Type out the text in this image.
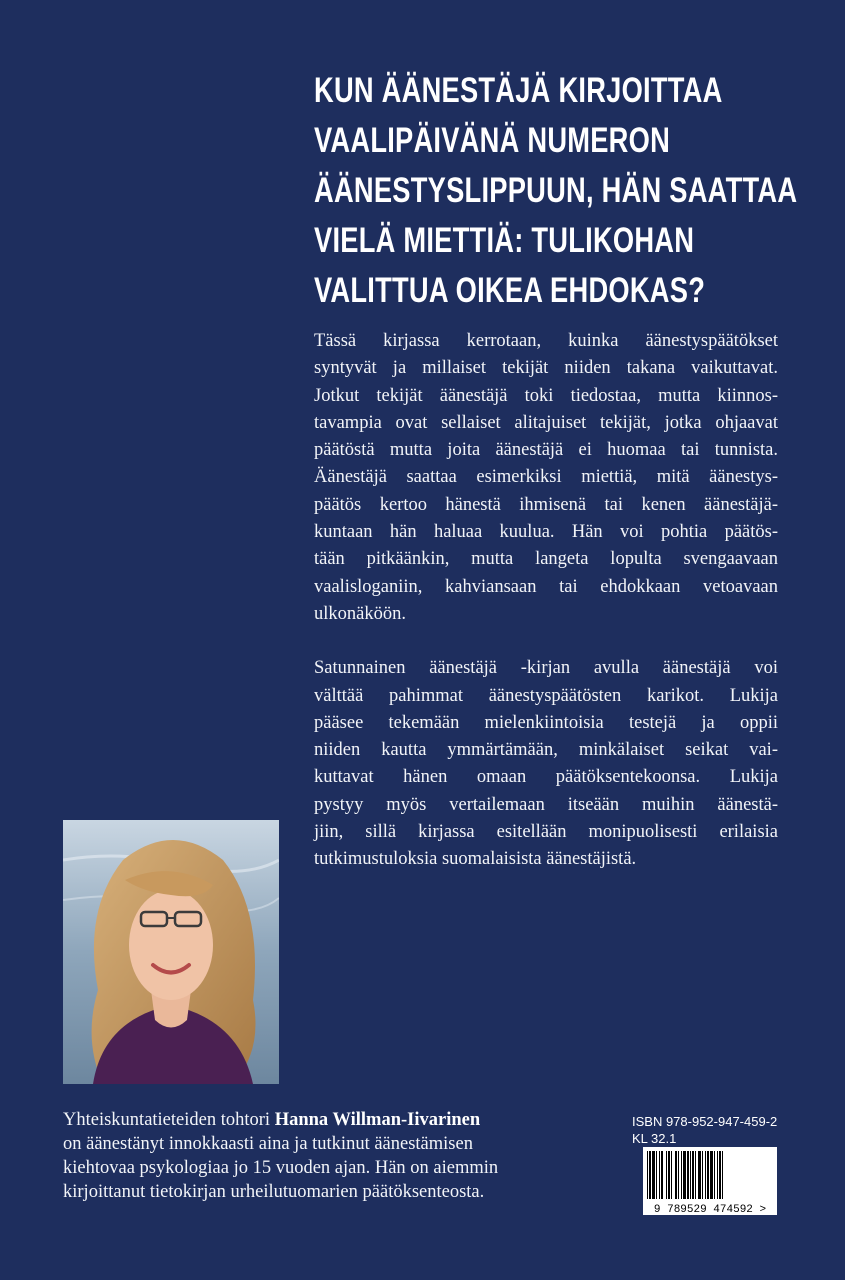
KUN ÄÄNESTÄJÄ KIRJOITTAA
VAALIPÄIVÄNÄ NUMERON
ÄÄNESTYSLIPPUUN, HÄN SAATTAA
VIELÄ MIETTIÄ: TULIKOHAN
VALITTUA OIKEA EHDOKAS?

Tässä kirjassa kerrotaan, kuinka äänestyspäätökset
syntyvät ja millaiset tekijät niiden takana vaikuttavat.
Jotkut tekijät äänestäjä toki tiedostaa, mutta kiinnos-
tavampia ovat sellaiset alitajuiset tekijät, jotka ohjaavat
päätöstä mutta joita äänestäjä ei huomaa tai tunnista.
Äänestäjä saattaa esimerkiksi miettiä, mitä äänestys-
päätös kertoo hänestä ihmisenä tai kenen äänestäjä-
kuntaan hän haluaa kuulua. Hän voi pohtia päätös-
tään pitkäänkin, mutta langeta lopulta svengaavaan
vaalisloganiin, kahviansaan tai ehdokkaan vetoavaan
ulkonäköön.

Satunnainen äänestäjä -kirjan avulla äänestäjä voi
välttää pahimmat äänestyspäätösten karikot. Lukija
pääsee tekemään mielenkiintoisia testejä ja oppii
niiden kautta ymmärtämään, minkälaiset seikat vai-
kuttavat hänen omaan päätöksentekoonsa. Lukija
pystyy myös vertailemaan itseään muihin äänestä-
jiin, sillä kirjassa esitellään monipuolisesti erilaisia
tutkimustuloksia suomalaisista äänestäjistä.

Yhteiskuntatieteiden tohtori Hanna Willman-Iivarinen
on äänestänyt innokkaasti aina ja tutkinut äänestämisen
kiehtovaa psykologiaa jo 15 vuoden ajan. Hän on aiemmin
kirjoittanut tietokirjan urheilutuomarien päätöksenteosta.
ISBN 978-952-947-459-2
KL 32.1
9 789529 474592 >
